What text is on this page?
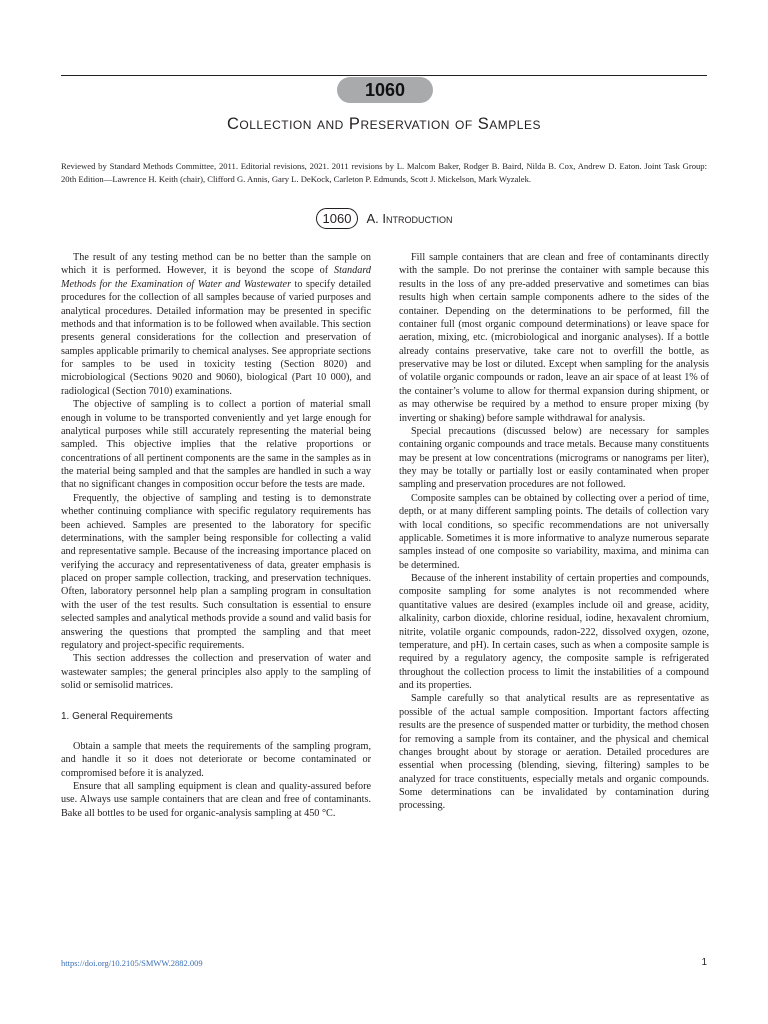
1060
Collection and Preservation of Samples
Reviewed by Standard Methods Committee, 2011. Editorial revisions, 2021. 2011 revisions by L. Malcom Baker, Rodger B. Baird, Nilda B. Cox, Andrew D. Eaton. Joint Task Group: 20th Edition—Lawrence H. Keith (chair), Clifford G. Annis, Gary L. DeKock, Carleton P. Edmunds, Scott J. Mickelson, Mark Wyzalek.
1060 A. Introduction

The result of any testing method can be no better than the sample on which it is performed. However, it is beyond the scope of Standard Methods for the Examination of Water and Wastewater to specify detailed procedures for the collection of all samples because of varied purposes and analytical procedures. Detailed information may be presented in specific methods and that information is to be followed when available. This section presents general considerations for the collection and preservation of samples applicable primarily to chemical analyses. See appropriate sections for samples to be used in toxicity testing (Section 8020) and microbiological (Sections 9020 and 9060), biological (Part 10 000), and radiological (Section 7010) examinations.

The objective of sampling is to collect a portion of material small enough in volume to be transported conveniently and yet large enough for analytical purposes while still accurately representing the material being sampled. This objective implies that the relative proportions or concentrations of all pertinent components are the same in the samples as in the material being sampled and that the samples are handled in such a way that no significant changes in composition occur before the tests are made.

Frequently, the objective of sampling and testing is to demonstrate whether continuing compliance with specific regulatory requirements has been achieved. Samples are presented to the laboratory for specific determinations, with the sampler being responsible for collecting a valid and representative sample. Because of the increasing importance placed on verifying the accuracy and representativeness of data, greater emphasis is placed on proper sample collection, tracking, and preservation techniques. Often, laboratory personnel help plan a sampling program in consultation with the user of the test results. Such consultation is essential to ensure selected samples and analytical methods provide a sound and valid basis for answering the questions that prompted the sampling and that meet regulatory and project-specific requirements.

This section addresses the collection and preservation of water and wastewater samples; the general principles also apply to the sampling of solid or semisolid matrices.

1. General Requirements

Obtain a sample that meets the requirements of the sampling program, and handle it so it does not deteriorate or become contaminated or compromised before it is analyzed.

Ensure that all sampling equipment is clean and quality-assured before use. Always use sample containers that are clean and free of contaminants. Bake all bottles to be used for organic-analysis sampling at 450 °C.

Fill sample containers that are clean and free of contaminants directly with the sample. Do not prerinse the container with sample because this results in the loss of any pre-added preservative and sometimes can bias results high when certain sample components adhere to the sides of the container. Depending on the determinations to be performed, fill the container full (most organic compound determinations) or leave space for aeration, mixing, etc. (microbiological and inorganic analyses). If a bottle already contains preservative, take care not to overfill the bottle, as preservative may be lost or diluted. Except when sampling for the analysis of volatile organic compounds or radon, leave an air space of at least 1% of the container’s volume to allow for thermal expansion during shipment, or as may otherwise be required by a method to ensure proper mixing (by inverting or shaking) before sample withdrawal for analysis.

Special precautions (discussed below) are necessary for samples containing organic compounds and trace metals. Because many constituents may be present at low concentrations (micrograms or nanograms per liter), they may be totally or partially lost or easily contaminated when proper sampling and preservation procedures are not followed.

Composite samples can be obtained by collecting over a period of time, depth, or at many different sampling points. The details of collection vary with local conditions, so specific recommendations are not universally applicable. Sometimes it is more informative to analyze numerous separate samples instead of one composite so variability, maxima, and minima can be determined.

Because of the inherent instability of certain properties and compounds, composite sampling for some analytes is not recommended where quantitative values are desired (examples include oil and grease, acidity, alkalinity, carbon dioxide, chlorine residual, iodine, hexavalent chromium, nitrite, volatile organic compounds, radon-222, dissolved oxygen, ozone, temperature, and pH). In certain cases, such as when a composite sample is required by a regulatory agency, the composite sample is refrigerated throughout the collection process to limit the instabilities of a compound and its properties.

Sample carefully so that analytical results are as representative as possible of the actual sample composition. Important factors affecting results are the presence of suspended matter or turbidity, the method chosen for removing a sample from its container, and the physical and chemical changes brought about by storage or aeration. Detailed procedures are essential when processing (blending, sieving, filtering) samples to be analyzed for trace constituents, especially metals and organic compounds. Some determinations can be invalidated by contamination during processing.

https://doi.org/10.2105/SMWW.2882.009	1
